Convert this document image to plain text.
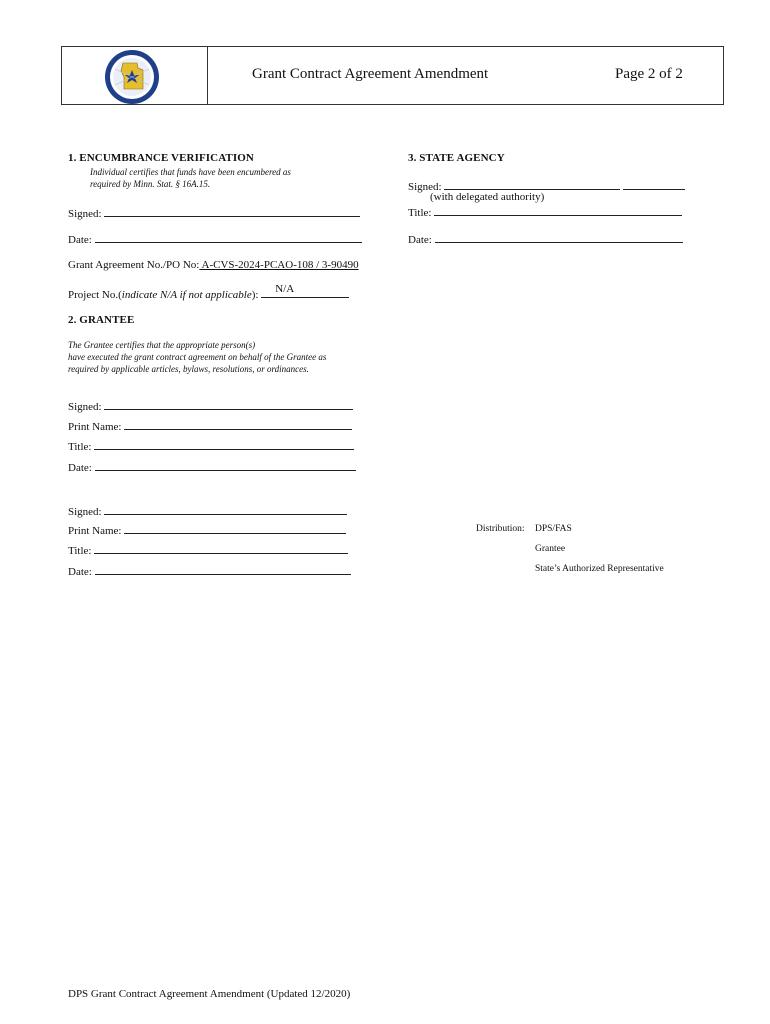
Grant Contract Agreement Amendment	Page 2 of 2
1. ENCUMBRANCE VERIFICATION
Individual certifies that funds have been encumbered as
required by Minn. Stat. § 16A.15.
Signed:
Date:
Grant Agreement No./PO No: A-CVS-2024-PCAO-108 / 3-90490
Project No.(indicate N/A if not applicable): N/A
2. GRANTEE
The Grantee certifies that the appropriate person(s)
have executed the grant contract agreement on behalf of the Grantee as
required by applicable articles, bylaws, resolutions, or ordinances.
Signed:
Print Name:
Title:
Date:
Signed:
Print Name:
Title:
Date:
3. STATE AGENCY
Signed:
(with delegated authority)
Title:
Date:
Distribution: DPS/FAS
Grantee
State’s Authorized Representative
DPS Grant Contract Agreement Amendment (Updated 12/2020)
